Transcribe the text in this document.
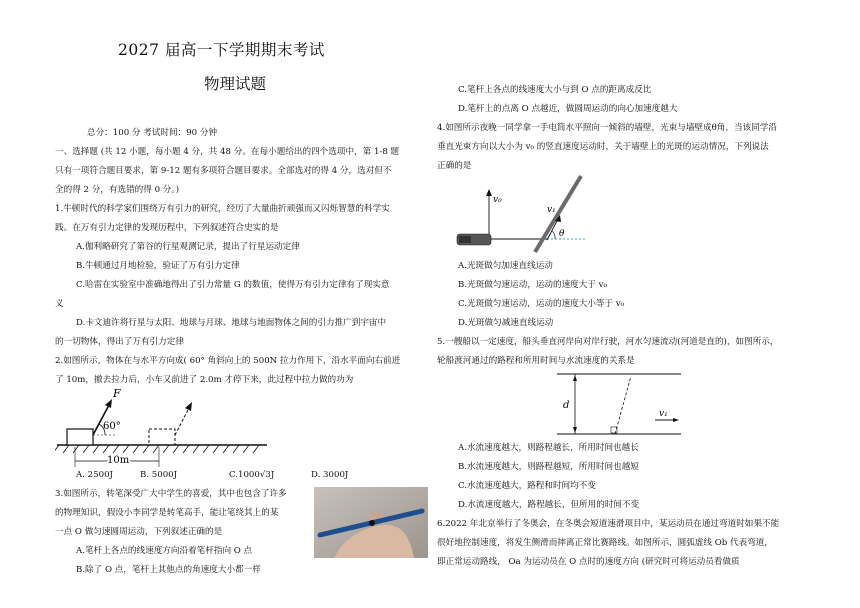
2027 届高一下学期期末考试
物理试题

总分：100 分 考试时间：90 分钟

一、选择题 (共 12 小题，每小题 4 分，共 48 分。在每小题给出的四个选项中，第 1-8 题

只有一项符合题目要求，第 9-12 题有多项符合题目要求。全部选对的得 4 分，选对但不

全的得 2 分，有选错的得 0 分。)

1.牛顿时代的科学家们围绕万有引力的研究，经历了大量曲折顽强而又闪烁智慧的科学实

践。在万有引力定律的发现历程中，下列叙述符合史实的是

A.伽利略研究了第谷的行星观测记录，提出了行星运动定律

B.牛顿通过月地检验，验证了万有引力定律

C.哈雷在实验室中准确地得出了引力常量 G 的数值，使得万有引力定律有了现实意

义

D.卡文迪许将行星与太阳、地球与月球、地球与地面物体之间的引力推广到宇宙中

的一切物体，得出了万有引力定律

2.如图所示，物体在与水平方向成( 60° 角斜向上的 500N 拉力作用下，沿水平面向右前进

了 10m，撤去拉力后，小车又前进了 2.0m 才停下来，此过程中拉力做的功为

F
60°
10m
A. 2500J	B. 5000J	C.1000√3J	D. 3000J

3.如图所示，转笔深受广大中学生的喜爱，其中也包含了许多

的物理知识，假设小李同学是转笔高手，能让笔绕其上的某

一点 O 做匀速圆周运动，下列叙述正确的是

A.笔杆上各点的线速度方向沿着笔杆指向 O 点

B.除了 O 点，笔杆上其他点的角速度大小都一样

C.笔杆上各点的线速度大小与到 O 点的距离成反比

D.笔杆上的点离 O 点越近，做圆周运动的向心加速度越大

4.如图所示夜晚一同学拿一手电筒水平照向一倾斜的墙壁，光束与墙壁成θ角，当该同学沿

垂直光束方向以大小为 v₀ 的竖直速度运动时，关于墙壁上的光斑的运动情况，下列说法

正确的是

v₀
v₁
θ

A.光斑做匀加速直线运动

B.光斑做匀速运动，运动的速度大于 v₀

C.光斑做匀速运动，运动的速度大小等于 v₀

D.光斑做匀减速直线运动

5.一艘船以一定速度，船头垂直河岸向对岸行驶，河水匀速流动(河道是直的)，如图所示，

轮船渡河通过的路程和所用时间与水流速度的关系是

d
v₁

A.水流速度越大，则路程越长，所用时间也越长

B.水流速度越大，则路程越短，所用时间也越短

C.水流速度越大，路程和时间均不变

D.水流速度越大，路程越长，但所用的时间不变

6.2022 年北京举行了冬奥会，在冬奥会短道速滑项目中，某运动员在通过弯道时如果不能

很好地控制速度，将发生侧滑而摔离正常比赛路线。如图所示，圆弧虚线 Ob 代表弯道，

即正常运动路线， Oa 为运动员在 O 点时的速度方向 (研究时可将运动员看做质
